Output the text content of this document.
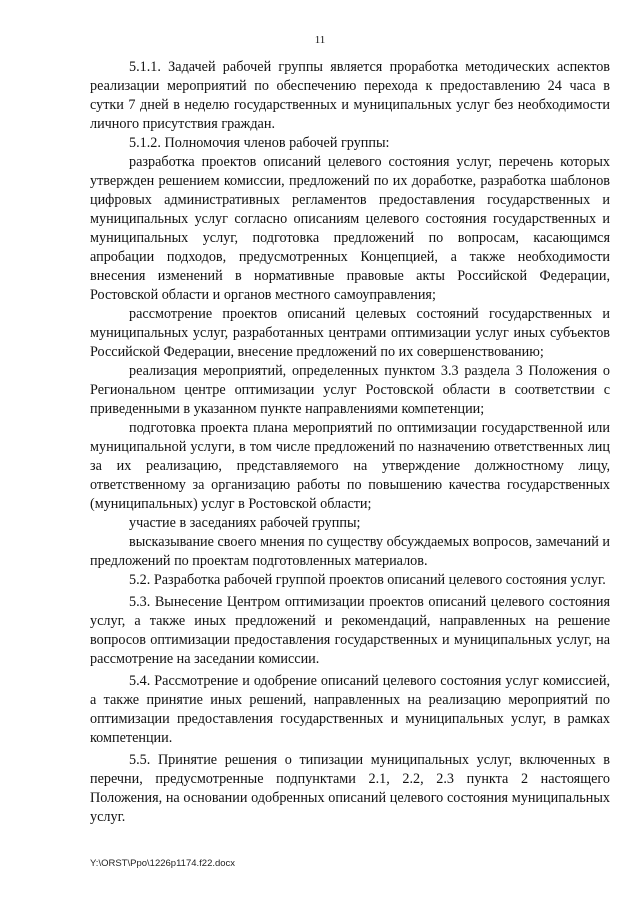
11

5.1.1. Задачей рабочей группы является проработка методических аспектов реализации мероприятий по обеспечению перехода к предоставлению 24 часа в сутки 7 дней в неделю государственных и муниципальных услуг без необходимости личного присутствия граждан.

5.1.2. Полномочия членов рабочей группы:

разработка проектов описаний целевого состояния услуг, перечень которых утвержден решением комиссии, предложений по их доработке, разработка шаблонов цифровых административных регламентов предоставления государственных и муниципальных услуг согласно описаниям целевого состояния государственных и муниципальных услуг, подготовка предложений по вопросам, касающимся апробации подходов, предусмотренных Концепцией, а также необходимости внесения изменений в нормативные правовые акты Российской Федерации, Ростовской области и органов местного самоуправления;

рассмотрение проектов описаний целевых состояний государственных и муниципальных услуг, разработанных центрами оптимизации услуг иных субъектов Российской Федерации, внесение предложений по их совершенствованию;

реализация мероприятий, определенных пунктом 3.3 раздела 3 Положения о Региональном центре оптимизации услуг Ростовской области в соответствии с приведенными в указанном пункте направлениями компетенции;

подготовка проекта плана мероприятий по оптимизации государственной или муниципальной услуги, в том числе предложений по назначению ответственных лиц за их реализацию, представляемого на утверждение должностному лицу, ответственному за организацию работы по повышению качества государственных (муниципальных) услуг в Ростовской области;

участие в заседаниях рабочей группы;

высказывание своего мнения по существу обсуждаемых вопросов, замечаний и предложений по проектам подготовленных материалов.

5.2. Разработка рабочей группой проектов описаний целевого состояния услуг.

5.3. Вынесение Центром оптимизации проектов описаний целевого состояния услуг, а также иных предложений и рекомендаций, направленных на решение вопросов оптимизации предоставления государственных и муниципальных услуг, на рассмотрение на заседании комиссии.

5.4. Рассмотрение и одобрение описаний целевого состояния услуг комиссией, а также принятие иных решений, направленных на реализацию мероприятий по оптимизации предоставления государственных и муниципальных услуг, в рамках компетенции.

5.5. Принятие решения о типизации муниципальных услуг, включенных в перечни, предусмотренные подпунктами 2.1, 2.2, 2.3 пункта 2 настоящего Положения, на основании одобренных описаний целевого состояния муниципальных услуг.

Y:\ORST\Ppo\1226p1174.f22.docx
